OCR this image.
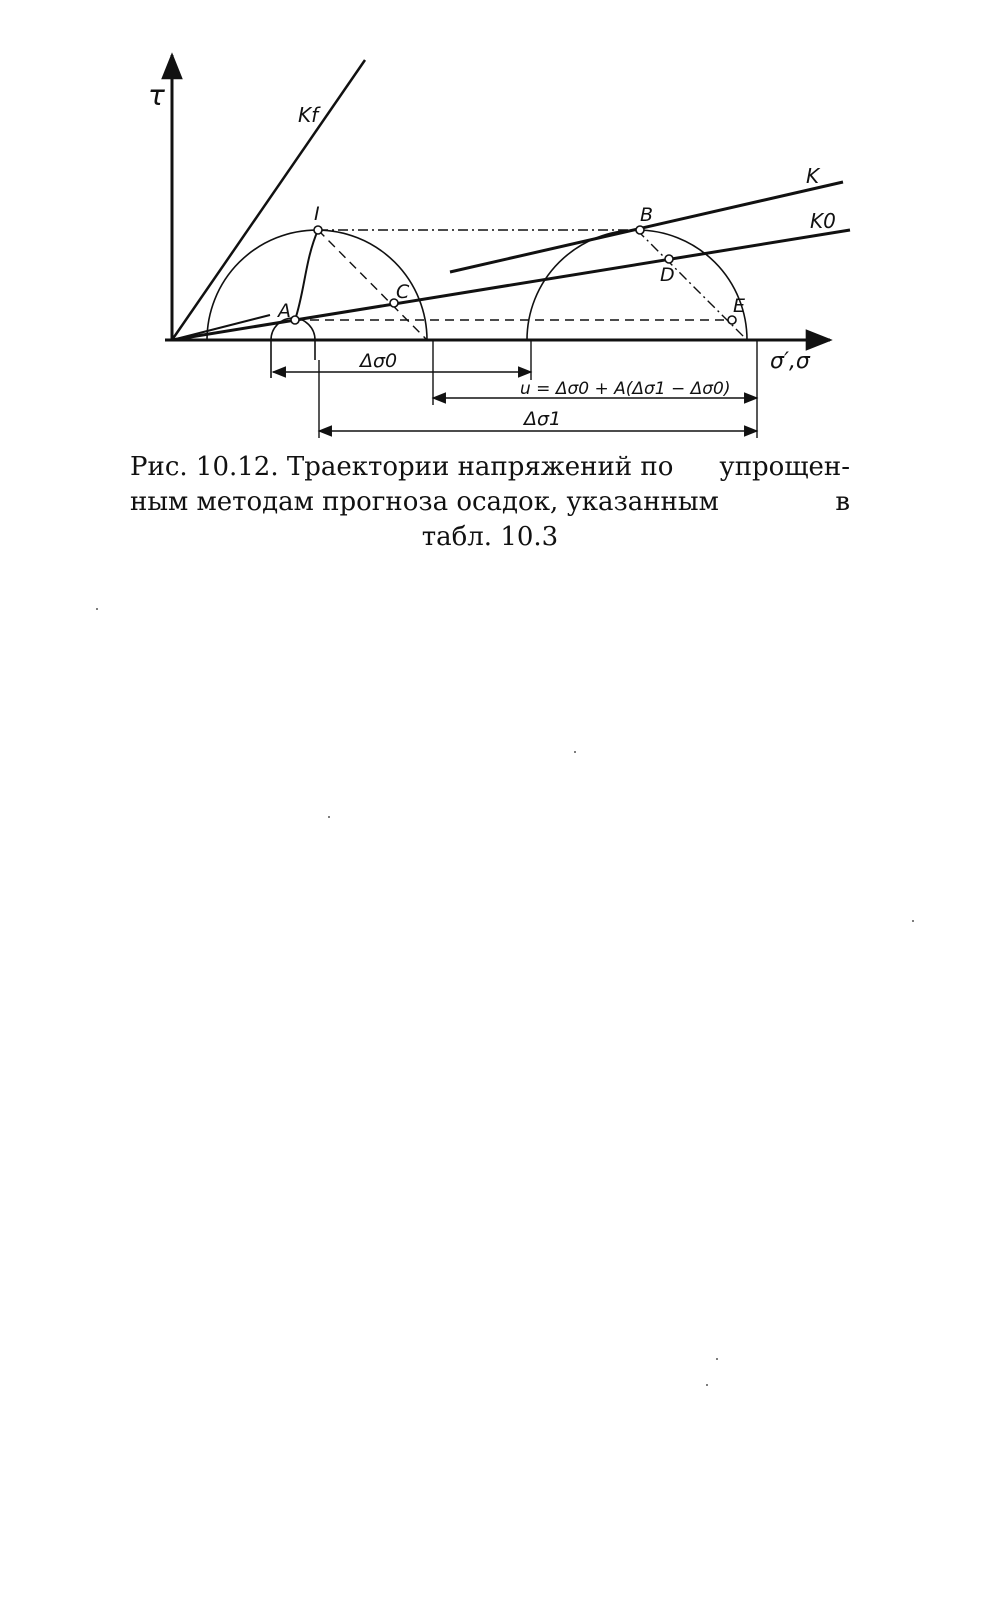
τ
σ′,σ
Kf
K
K0
I
A
C
B
D
E
Δσ0
u = Δσ0 + A(Δσ1 − Δσ0)
Δσ1
Рис. 10.12. Траектории напряжений по упрощен-
ным методам прогноза осадок, указанным	в
табл. 10.3
